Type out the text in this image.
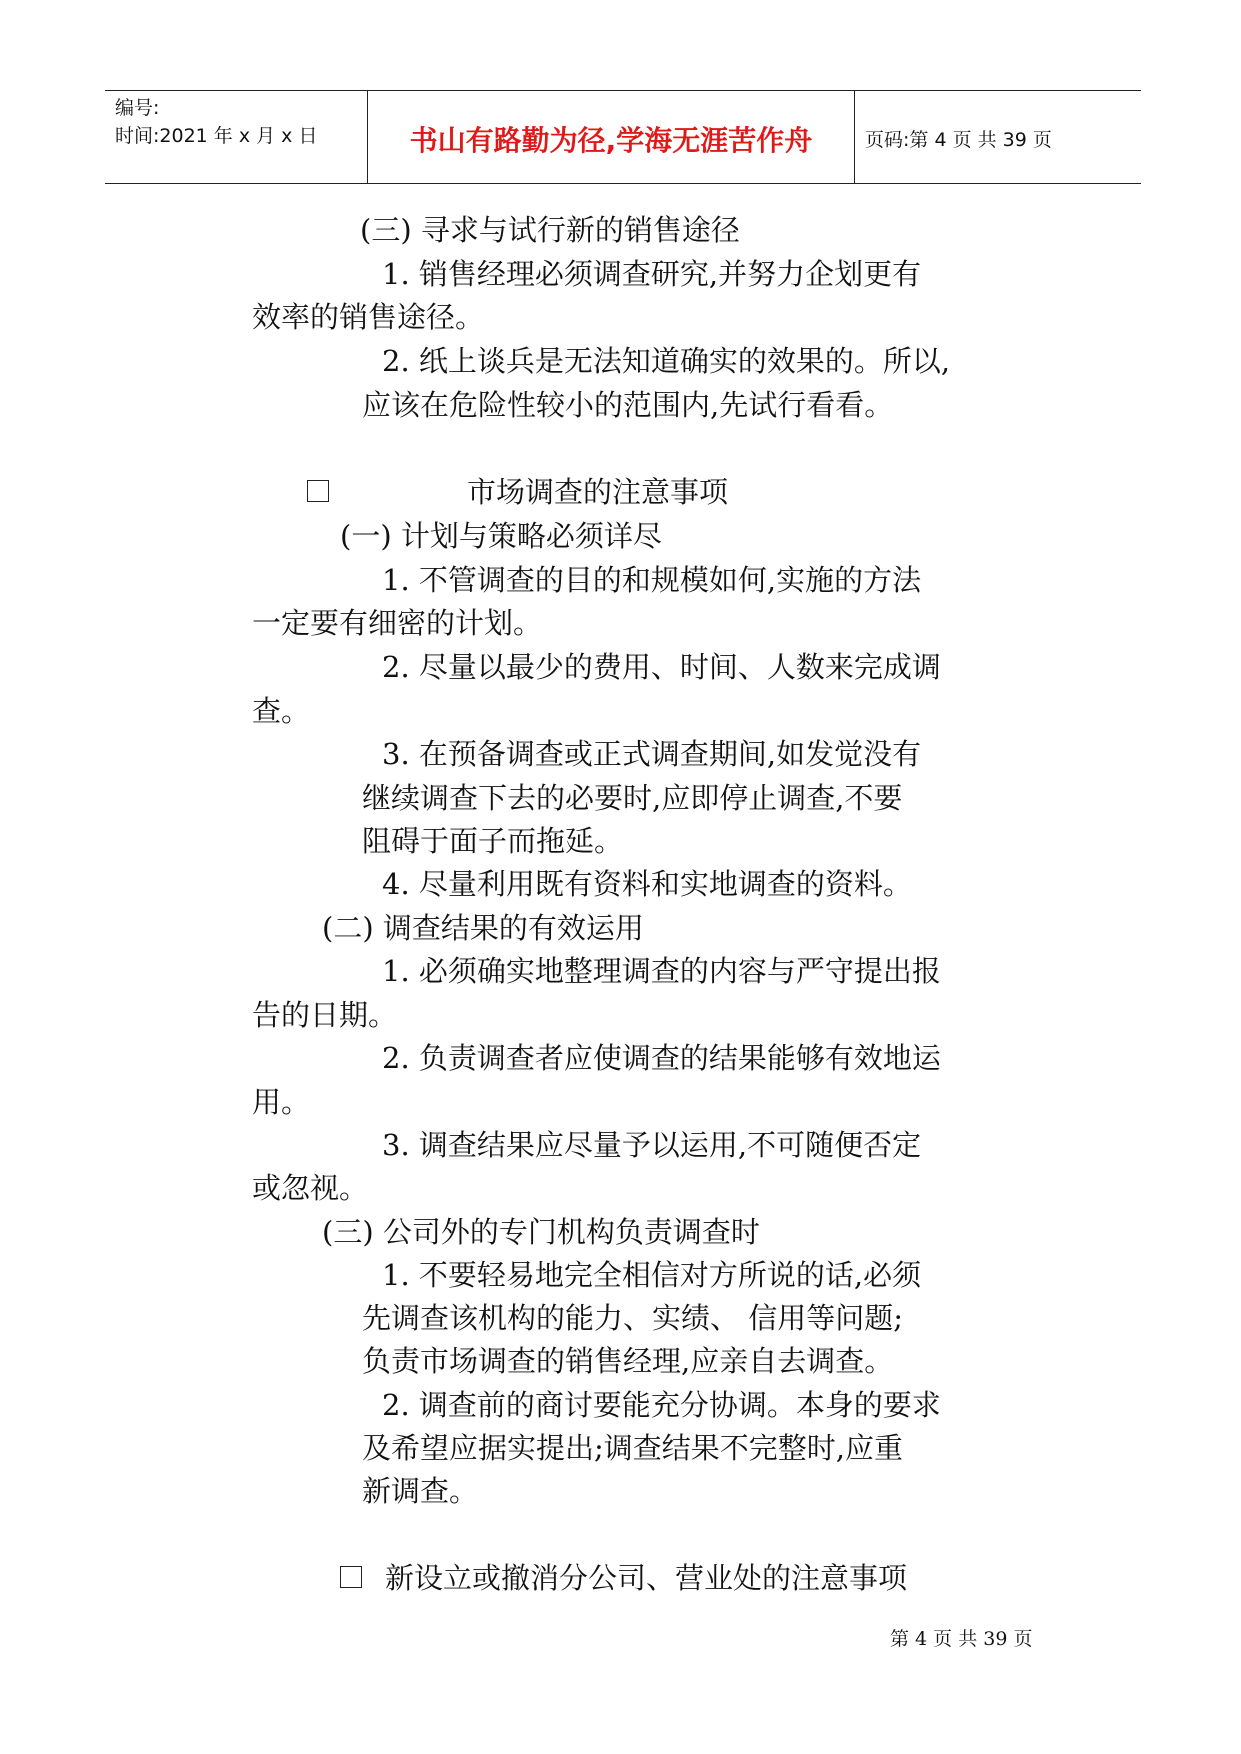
编号:
时间:2021 年 x 月 x 日	书山有路勤为径,学海无涯苦作舟	页码:第 4 页 共 39 页
(三) 寻求与试行新的销售途径
1. 销售经理必须调查研究,并努力企划更有
效率的销售途径。
2. 纸上谈兵是无法知道确实的效果的。所以,
应该在危险性较小的范围内,先试行看看。
市场调查的注意事项
(一) 计划与策略必须详尽
1. 不管调查的目的和规模如何,实施的方法
一定要有细密的计划。
2. 尽量以最少的费用、时间、人数来完成调
查。
3. 在预备调查或正式调查期间,如发觉没有
继续调查下去的必要时,应即停止调查,不要
阻碍于面子而拖延。
4. 尽量利用既有资料和实地调查的资料。
(二) 调查结果的有效运用
1. 必须确实地整理调查的内容与严守提出报
告的日期。
2. 负责调查者应使调查的结果能够有效地运
用。
3. 调查结果应尽量予以运用,不可随便否定
或忽视。
(三) 公司外的专门机构负责调查时
1. 不要轻易地完全相信对方所说的话,必须
先调查该机构的能力、实绩、 信用等问题;
负责市场调查的销售经理,应亲自去调查。
2. 调查前的商讨要能充分协调。本身的要求
及希望应据实提出;调查结果不完整时,应重
新调查。
新设立或撤消分公司、营业处的注意事项
第 4 页 共 39 页
